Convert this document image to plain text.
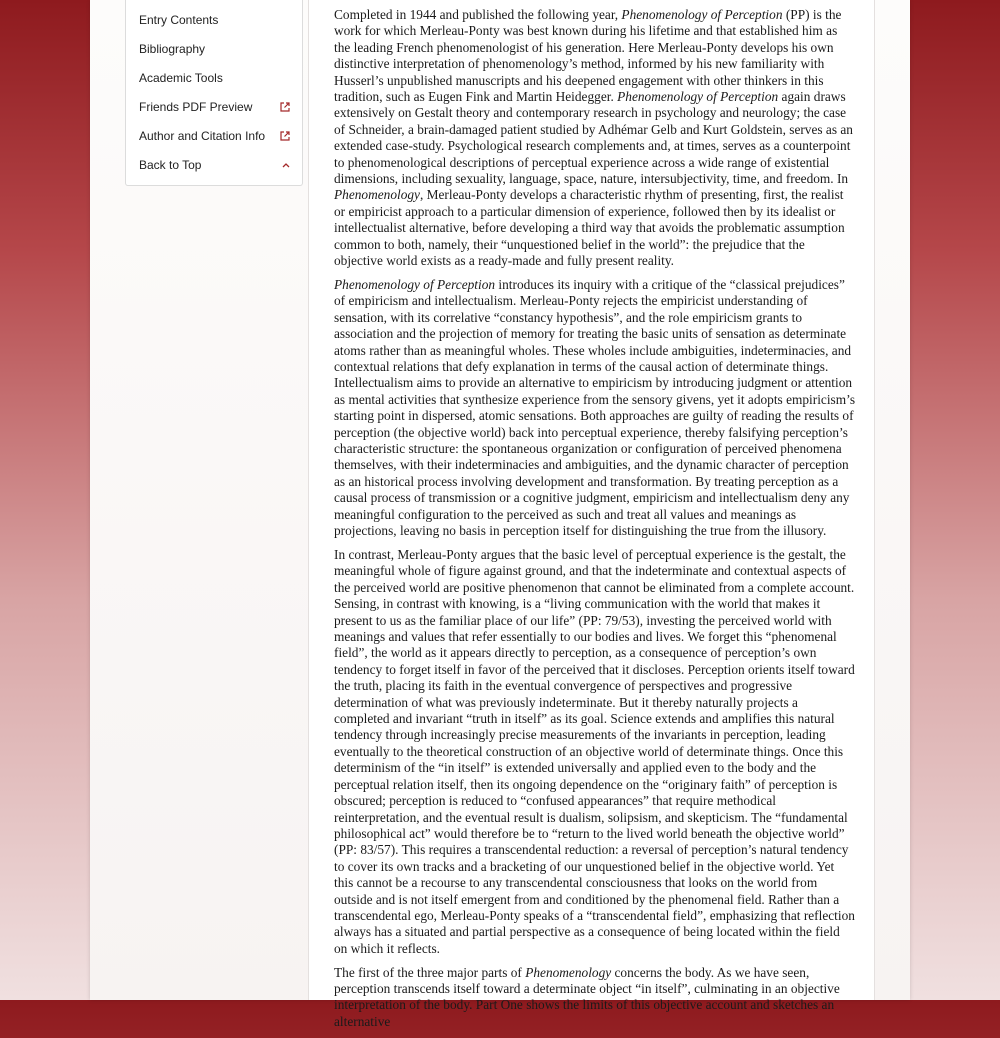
Entry Contents
Bibliography
Academic Tools
Friends PDF Preview
Author and Citation Info
Back to Top

Completed in 1944 and published the following year, Phenomenology of Perception (PP) is the work for which Merleau-Ponty was best known during his lifetime and that established him as the leading French phenomenologist of his generation. Here Merleau-Ponty develops his own distinctive interpretation of phenomenology’s method, informed by his new familiarity with Husserl’s unpublished manuscripts and his deepened engagement with other thinkers in this tradition, such as Eugen Fink and Martin Heidegger. Phenomenology of Perception again draws extensively on Gestalt theory and contemporary research in psychology and neurology; the case of Schneider, a brain-damaged patient studied by Adhémar Gelb and Kurt Goldstein, serves as an extended case-study. Psychological research complements and, at times, serves as a counterpoint to phenomenological descriptions of perceptual experience across a wide range of existential dimensions, including sexuality, language, space, nature, intersubjectivity, time, and freedom. In Phenomenology, Merleau-Ponty develops a characteristic rhythm of presenting, first, the realist or empiricist approach to a particular dimension of experience, followed then by its idealist or intellectualist alternative, before developing a third way that avoids the problematic assumption common to both, namely, their “unquestioned belief in the world”: the prejudice that the objective world exists as a ready-made and fully present reality.

Phenomenology of Perception introduces its inquiry with a critique of the “classical prejudices” of empiricism and intellectualism. Merleau-Ponty rejects the empiricist understanding of sensation, with its correlative “constancy hypothesis”, and the role empiricism grants to association and the projection of memory for treating the basic units of sensation as determinate atoms rather than as meaningful wholes. These wholes include ambiguities, indeterminacies, and contextual relations that defy explanation in terms of the causal action of determinate things. Intellectualism aims to provide an alternative to empiricism by introducing judgment or attention as mental activities that synthesize experience from the sensory givens, yet it adopts empiricism’s starting point in dispersed, atomic sensations. Both approaches are guilty of reading the results of perception (the objective world) back into perceptual experience, thereby falsifying perception’s characteristic structure: the spontaneous organization or configuration of perceived phenomena themselves, with their indeterminacies and ambiguities, and the dynamic character of perception as an historical process involving development and transformation. By treating perception as a causal process of transmission or a cognitive judgment, empiricism and intellectualism deny any meaningful configuration to the perceived as such and treat all values and meanings as projections, leaving no basis in perception itself for distinguishing the true from the illusory.

In contrast, Merleau-Ponty argues that the basic level of perceptual experience is the gestalt, the meaningful whole of figure against ground, and that the indeterminate and contextual aspects of the perceived world are positive phenomenon that cannot be eliminated from a complete account. Sensing, in contrast with knowing, is a “living communication with the world that makes it present to us as the familiar place of our life” (PP: 79/53), investing the perceived world with meanings and values that refer essentially to our bodies and lives. We forget this “phenomenal field”, the world as it appears directly to perception, as a consequence of perception’s own tendency to forget itself in favor of the perceived that it discloses. Perception orients itself toward the truth, placing its faith in the eventual convergence of perspectives and progressive determination of what was previously indeterminate. But it thereby naturally projects a completed and invariant “truth in itself” as its goal. Science extends and amplifies this natural tendency through increasingly precise measurements of the invariants in perception, leading eventually to the theoretical construction of an objective world of determinate things. Once this determinism of the “in itself” is extended universally and applied even to the body and the perceptual relation itself, then its ongoing dependence on the “originary faith” of perception is obscured; perception is reduced to “confused appearances” that require methodical reinterpretation, and the eventual result is dualism, solipsism, and skepticism. The “fundamental philosophical act” would therefore be to “return to the lived world beneath the objective world” (PP: 83/57). This requires a transcendental reduction: a reversal of perception’s natural tendency to cover its own tracks and a bracketing of our unquestioned belief in the objective world. Yet this cannot be a recourse to any transcendental consciousness that looks on the world from outside and is not itself emergent from and conditioned by the phenomenal field. Rather than a transcendental ego, Merleau-Ponty speaks of a “transcendental field”, emphasizing that reflection always has a situated and partial perspective as a consequence of being located within the field on which it reflects.

The first of the three major parts of Phenomenology concerns the body. As we have seen, perception transcends itself toward a determinate object “in itself”, culminating in an objective interpretation of the body. Part One shows the limits of this objective account and sketches an alternative
